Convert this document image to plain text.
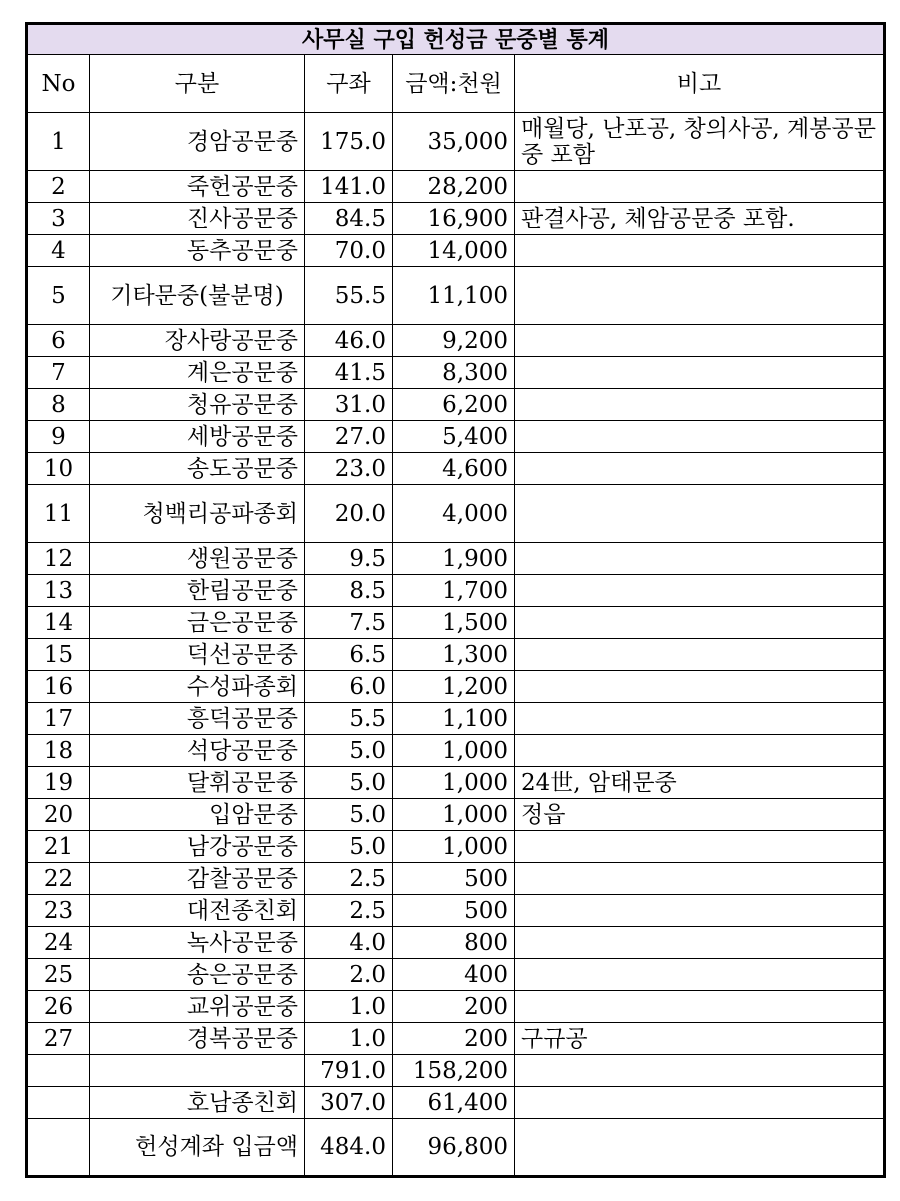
사무실 구입 헌성금 문중별 통계				
No	구분	구좌	금액:천원	비고
1	경암공문중	175.0	35,000	매월당, 난포공, 창의사공, 계봉공문중 포함
2	죽헌공문중	141.0	28,200	
3	진사공문중	84.5	16,900	판결사공, 체암공문중 포함.
4	동추공문중	70.0	14,000	
5	기타문중(불분명)	55.5	11,100	
6	장사랑공문중	46.0	9,200	
7	계은공문중	41.5	8,300	
8	청유공문중	31.0	6,200	
9	세방공문중	27.0	5,400	
10	송도공문중	23.0	4,600	
11	청백리공파종회	20.0	4,000	
12	생원공문중	9.5	1,900	
13	한림공문중	8.5	1,700	
14	금은공문중	7.5	1,500	
15	덕선공문중	6.5	1,300	
16	수성파종회	6.0	1,200	
17	흥덕공문중	5.5	1,100	
18	석당공문중	5.0	1,000	
19	달휘공문중	5.0	1,000	24世, 암태문중
20	입암문중	5.0	1,000	정읍
21	남강공문중	5.0	1,000	
22	감찰공문중	2.5	500	
23	대전종친회	2.5	500	
24	녹사공문중	4.0	800	
25	송은공문중	2.0	400	
26	교위공문중	1.0	200	
27	경복공문중	1.0	200	구규공
		791.0	158,200	
	호남종친회	307.0	61,400	
	헌성계좌 입금액	484.0	96,800	
